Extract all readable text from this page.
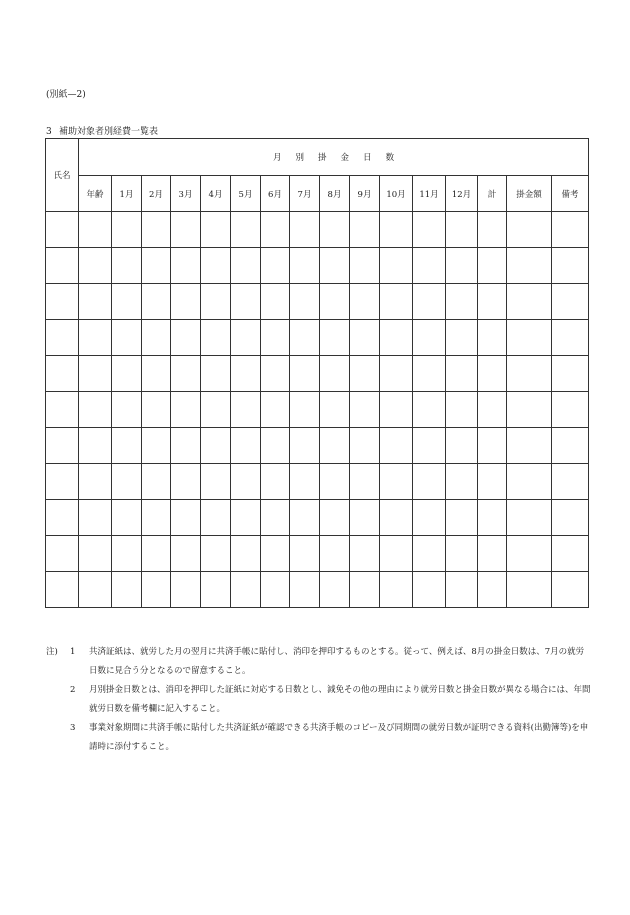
(別紙—2)
3 補助対象者別経費一覧表
氏名	月 別 掛 金 日 数															
	年齢	1月	2月	3月	4月	5月	6月	7月	8月	9月	10月	11月	12月	計	掛金額	備考

注) 1 共済証紙は、就労した月の翌月に共済手帳に貼付し、消印を押印するものとする。従って、例えば、8月の掛金日数は、7月の就労日数に見合う分となるので留意すること。
2 月別掛金日数とは、消印を押印した証紙に対応する日数とし、減免その他の理由により就労日数と掛金日数が異なる場合には、年間就労日数を備考欄に記入すること。
3 事業対象期間に共済手帳に貼付した共済証紙が確認できる共済手帳のコピー及び同期間の就労日数が証明できる資料(出勤簿等)を申請時に添付すること。
